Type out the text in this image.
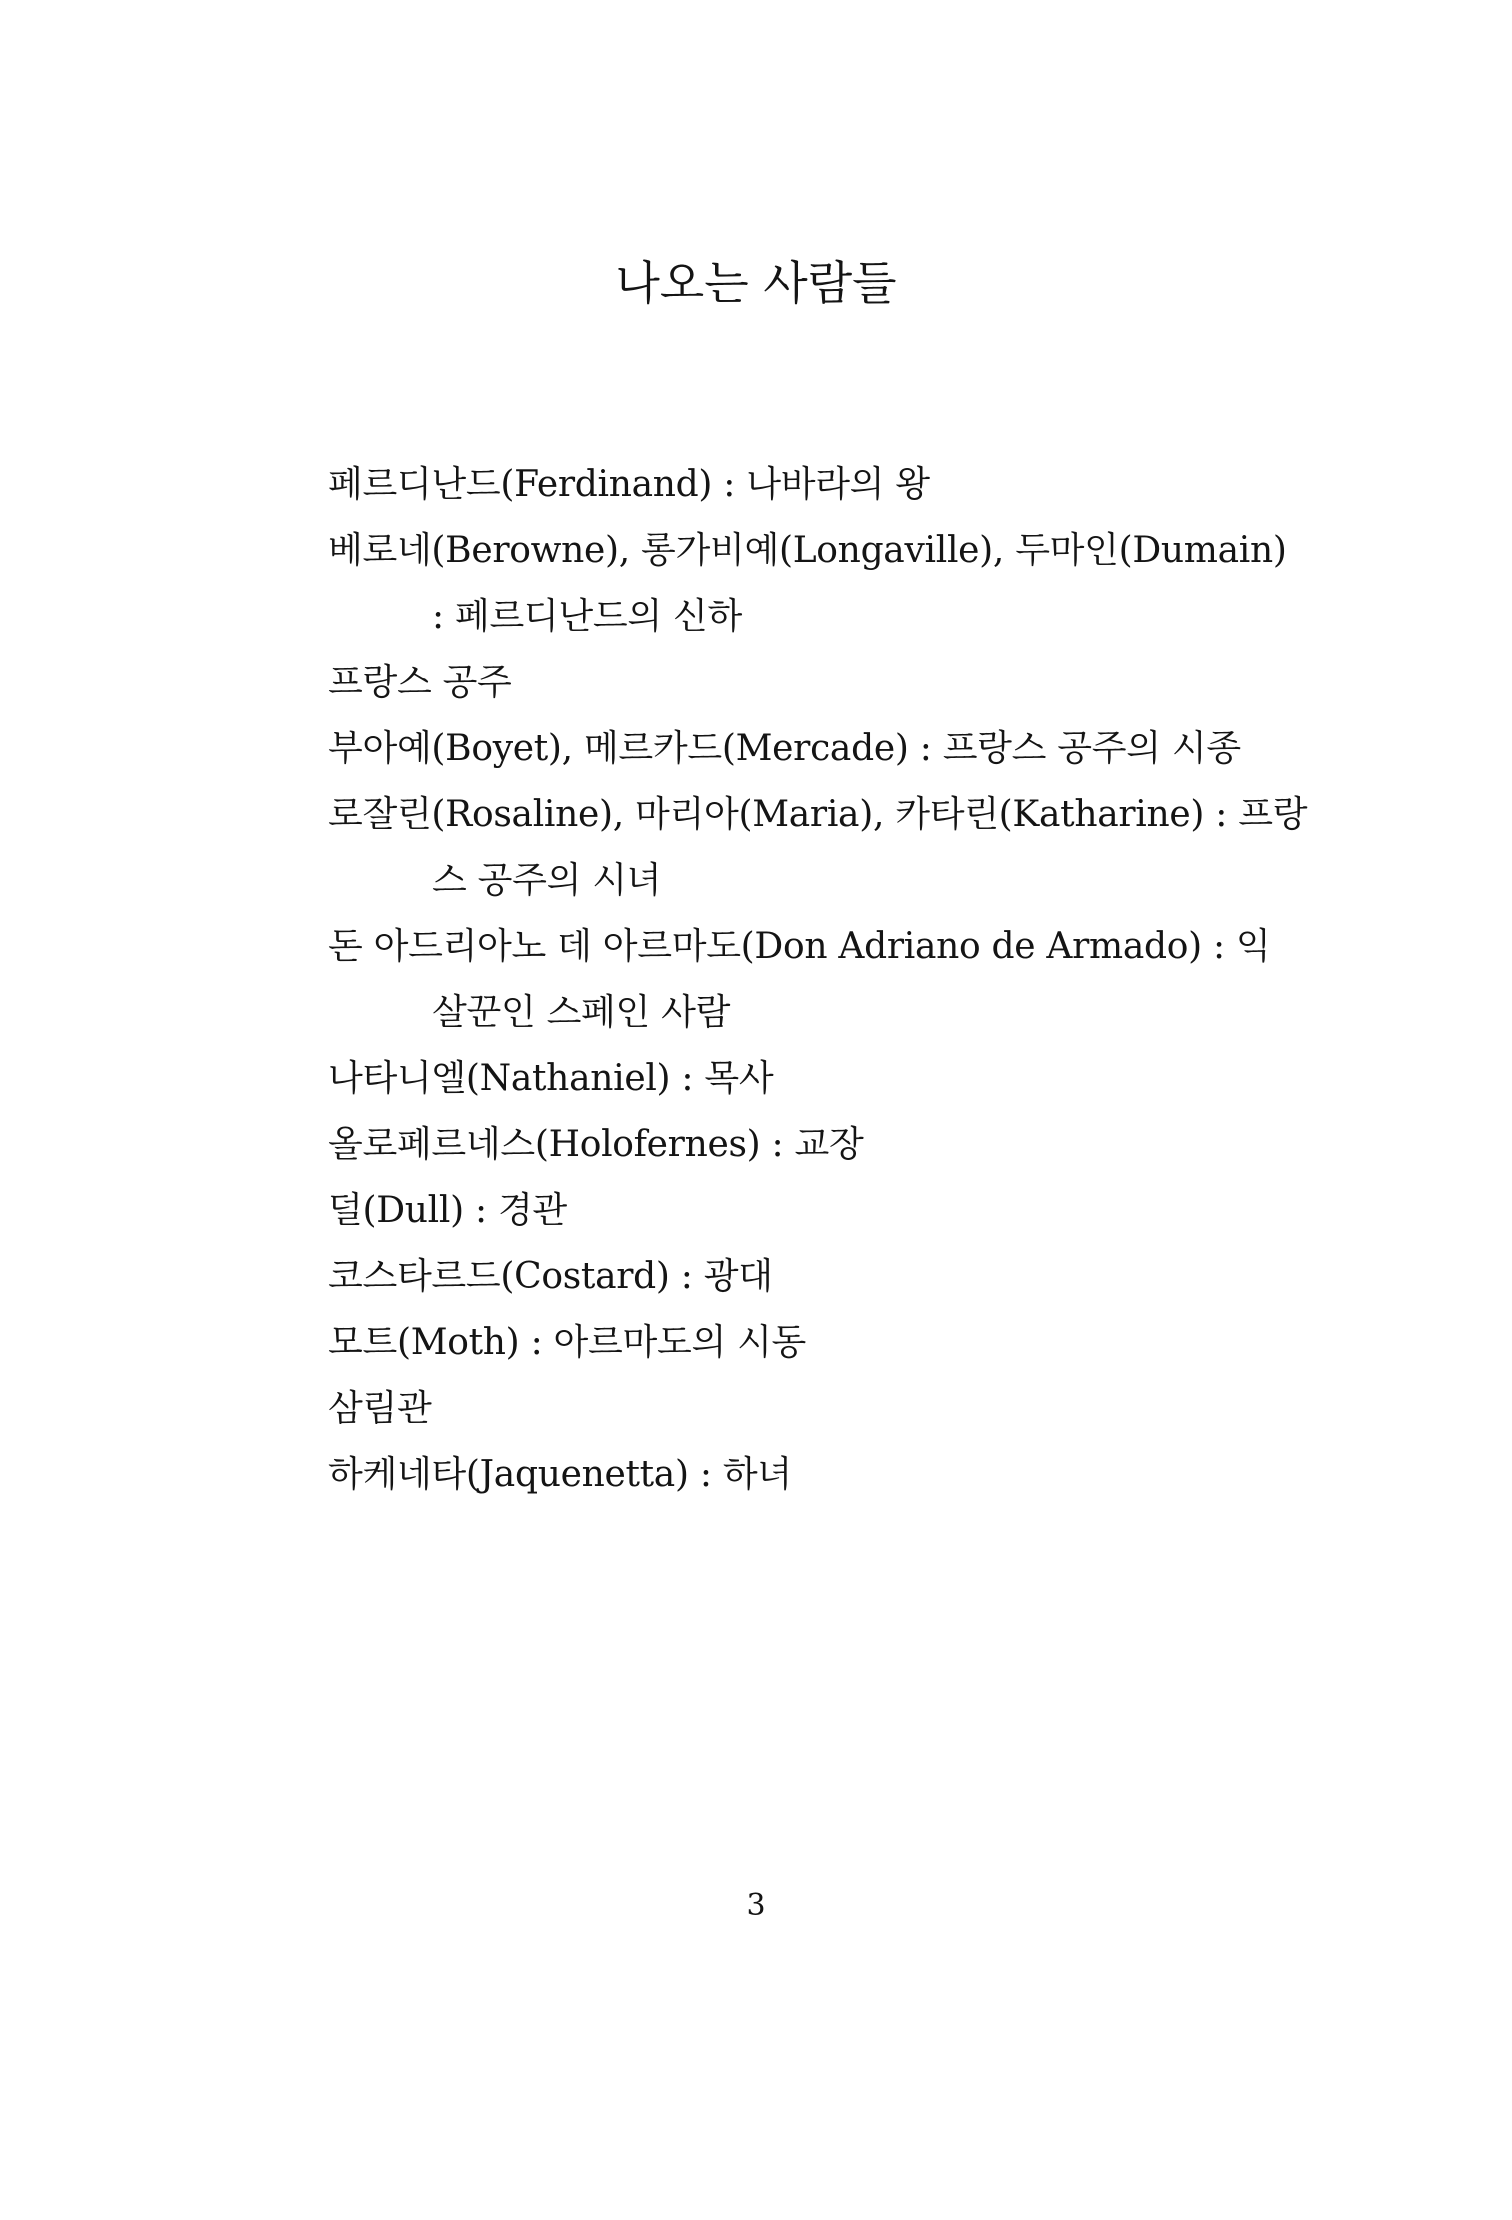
나오는 사람들
페르디난드(Ferdinand) : 나바라의 왕
베로네(Berowne), 롱가비예(Longaville), 두마인(Dumain)
: 페르디난드의 신하
프랑스 공주
부아예(Boyet), 메르카드(Mercade) : 프랑스 공주의 시종
로잘린(Rosaline), 마리아(Maria), 카타린(Katharine) : 프랑
스 공주의 시녀
돈 아드리아노 데 아르마도(Don Adriano de Armado) : 익
살꾼인 스페인 사람
나타니엘(Nathaniel) : 목사
올로페르네스(Holofernes) : 교장
덜(Dull) : 경관
코스타르드(Costard) : 광대
모트(Moth) : 아르마도의 시동
삼림관
하케네타(Jaquenetta) : 하녀
3
